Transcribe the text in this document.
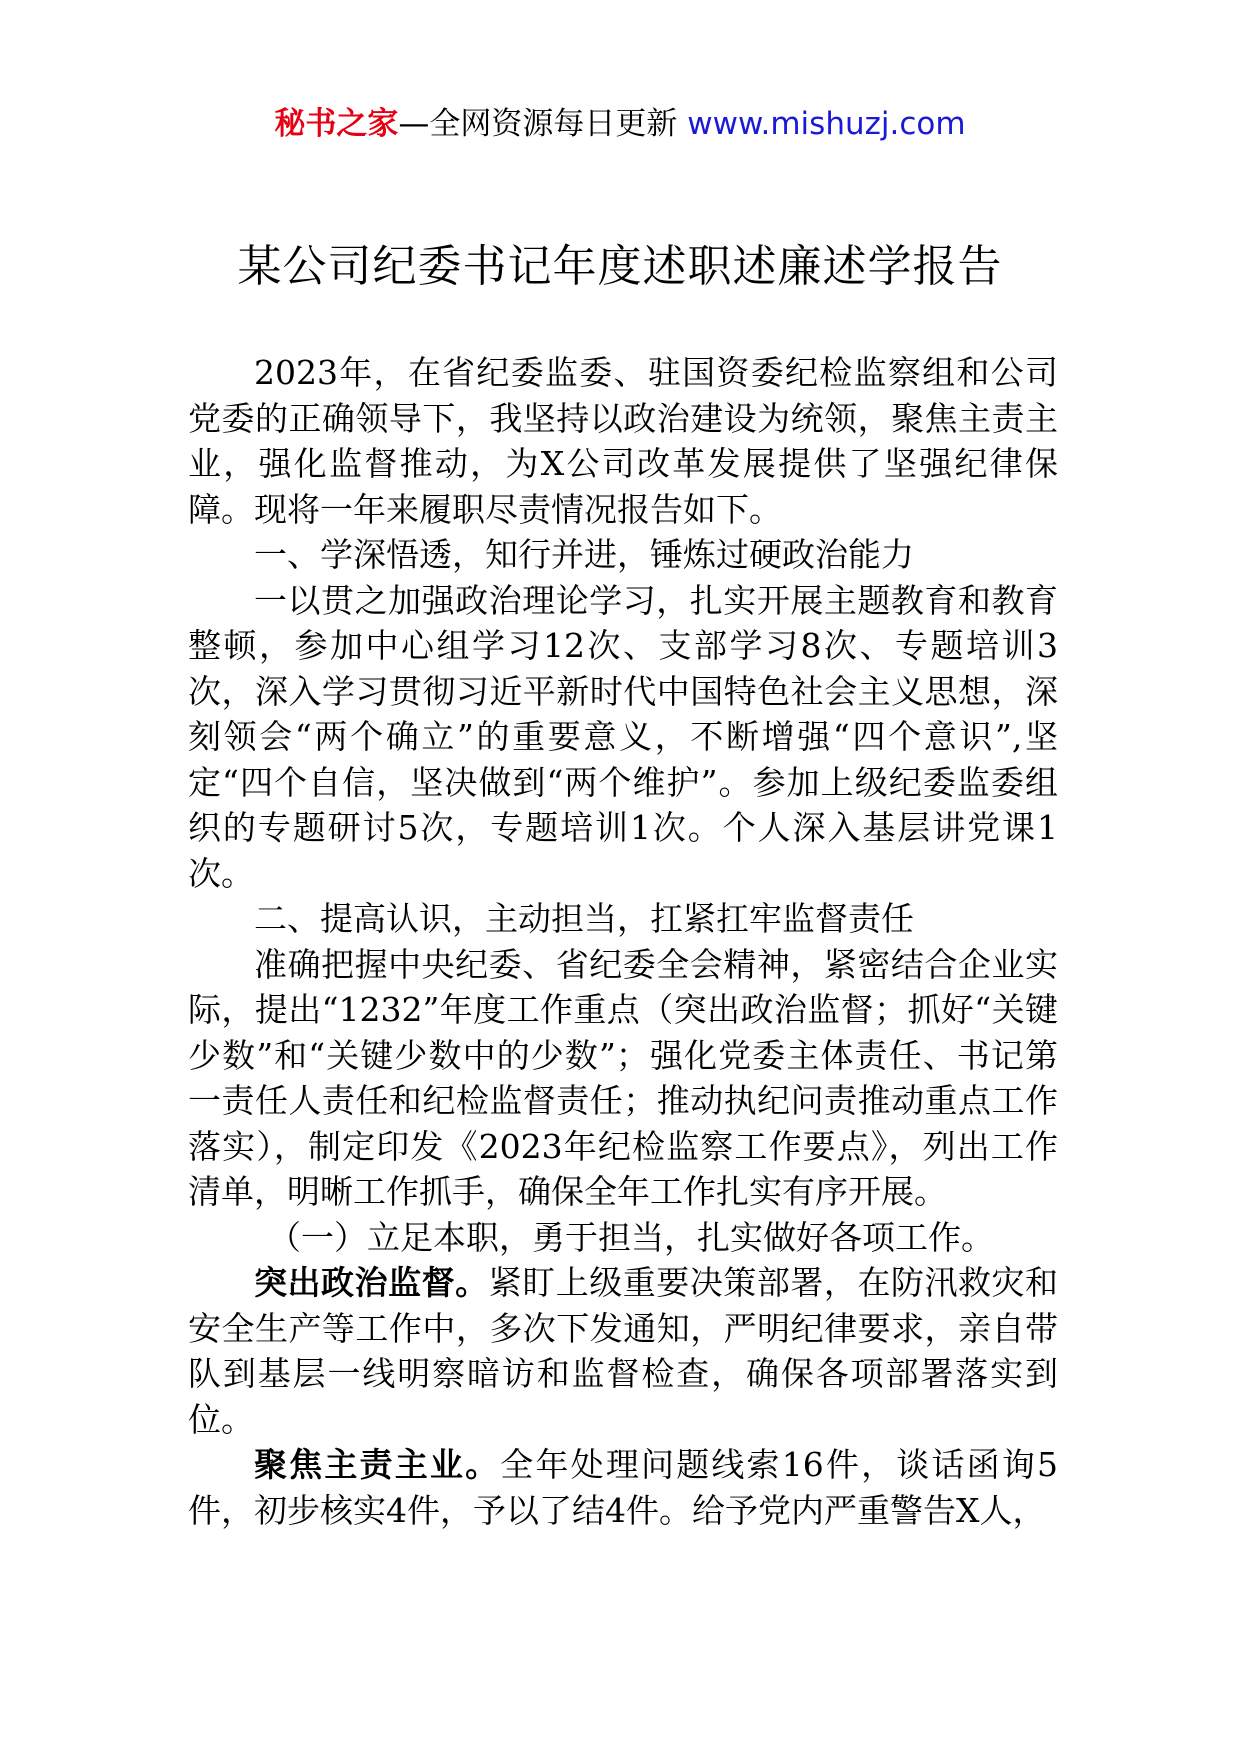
秘书之家—全网资源每日更新 www.mishuzj.com
某公司纪委书记年度述职述廉述学报告

2023年，在省纪委监委、驻国资委纪检监察组和公司党委的正确领导下，我坚持以政治建设为统领，聚焦主责主业，强化监督推动，为X公司改革发展提供了坚强纪律保障。现将一年来履职尽责情况报告如下。

一、学深悟透，知行并进，锤炼过硬政治能力

一以贯之加强政治理论学习，扎实开展主题教育和教育整顿，参加中心组学习12次、支部学习8次、专题培训3次，深入学习贯彻习近平新时代中国特色社会主义思想，深刻领会“两个确立”的重要意义，不断增强“四个意识”,坚定“四个自信，坚决做到“两个维护”。参加上级纪委监委组织的专题研讨5次，专题培训1次。个人深入基层讲党课1次。

二、提高认识，主动担当，扛紧扛牢监督责任

准确把握中央纪委、省纪委全会精神，紧密结合企业实际，提出“1232”年度工作重点（突出政治监督；抓好“关键少数”和“关键少数中的少数”；强化党委主体责任、书记第一责任人责任和纪检监督责任；推动执纪问责推动重点工作落实），制定印发《2023年纪检监察工作要点》，列出工作清单，明晰工作抓手，确保全年工作扎实有序开展。

（一）立足本职，勇于担当，扎实做好各项工作。

突出政治监督。紧盯上级重要决策部署，在防汛救灾和安全生产等工作中，多次下发通知，严明纪律要求，亲自带队到基层一线明察暗访和监督检查，确保各项部署落实到位。

聚焦主责主业。全年处理问题线索16件，谈话函询5件，初步核实4件，予以了结4件。给予党内严重警告X人，
